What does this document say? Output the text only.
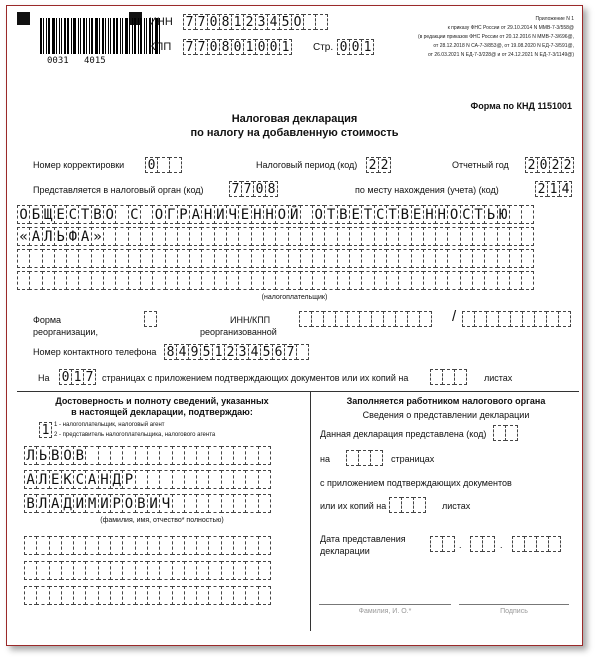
0031 4015
ИНН 7 7 0 8 1 2 3 4 5 О
КПП 7 7 0 8 0 1 0 0 1 Стр. 0 0 1
Приложение N 1
к приказу ФНС России от 29.10.2014 N ММВ-7-3/558@
(в редакции приказов ФНС России от 20.12.2016 N ММВ-7-3/696@,
от 28.12.2018 N СА-7-3/853@, от 19.08.2020 N ЕД-7-3/591@,
от 26.03.2021 N ЕД-7-3/228@ и от 24.12.2021 N ЕД-7-3/1149@)
Форма по КНД 1151001
Налоговая декларация
по налогу на добавленную стоимость
Номер корректировки 0	Налоговый период (код) 2 2	Отчетный год 2 0 2 2
Представляется в налоговый орган (код) 7 7 0 8	по месту нахождения (учета) (код)	2 1 4
О Б Щ Е С Т В О С О Г Р А Н И Ч Е Н Н О Й О Т В Е Т С Т В Е Н Н О С Т Ь Ю
« А Л Ь Ф А »
(налогоплательщик)
Форма
реорганизации,
ИНН/КПП
реорганизованной
/
Номер контактного телефона 8 4 9 5 1 2 3 4 5 6 7
На 0 1 7 страницах с приложением подтверждающих документов или их копий на	листах
Достоверность и полноту сведений, указанных
в настоящей декларации, подтверждаю:
1 1 - налогоплательщик, налоговый агент
2 - представитель налогоплательщика, налогового агента
Л Ь В О В
А Л Е К С А Н Д Р
В Л А Д И М И Р О В И Ч
(фамилия, имя, отчество* полностью)
Заполняется работником налогового органа
Сведения о представлении декларации
Данная декларация представлена (код)
на	страницах
с приложением подтверждающих документов
или их копий на	листах
Дата представления
декларации
.	.
Фамилия, И. О.*	Подпись
